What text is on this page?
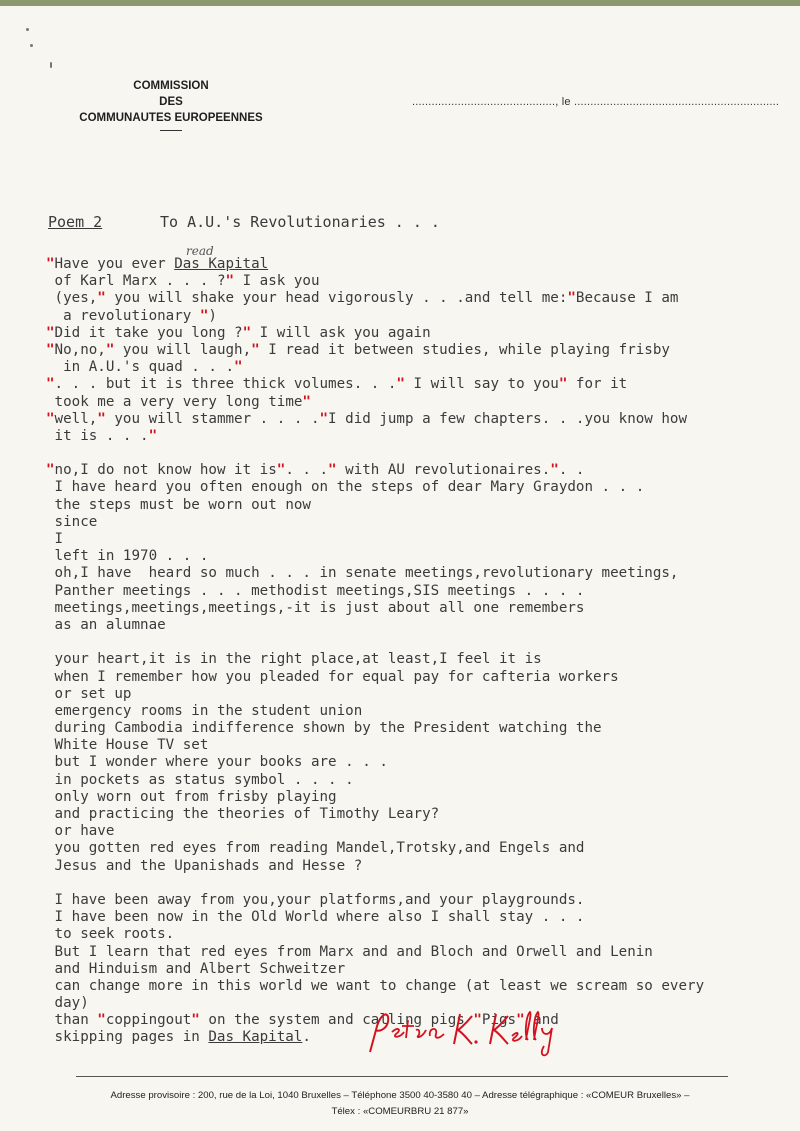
COMMISSION
DES
COMMUNAUTES EUROPEENNES
............................................, le ...............................................................
Poem 2	To A.U.'s Revolutionaries . . .
read
"Have you ever Das Kapital
of Karl Marx . . . ?" I ask you
(yes," you will shake your head vigorously . . .and tell me:"Because I am
a revolutionary ")
"Did it take you long ?" I will ask you again
"No,no," you will laugh," I read it between studies, while playing frisby
in A.U.'s quad . . ."
". . . but it is three thick volumes. . ." I will say to you" for it
took me a very very long time"
"well," you will stammer . . . ."I did jump a few chapters. . .you know how
it is . . ."
"no,I do not know how it is". . ." with AU revolutionaires.". .
I have heard you often enough on the steps of dear Mary Graydon . . .
the steps must be worn out now
since
I
left in 1970 . . .
oh,I have heard so much . . . in senate meetings,revolutionary meetings,
Panther meetings . . . methodist meetings,SIS meetings . . . .
meetings,meetings,meetings,-it is just about all one remembers
as an alumnae
your heart,it is in the right place,at least,I feel it is
when I remember how you pleaded for equal pay for cafteria workers
or set up
emergency rooms in the student union
during Cambodia indifference shown by the President watching the
White House TV set
but I wonder where your books are . . .
in pockets as status symbol . . . .
only worn out from frisby playing
and practicing the theories of Timothy Leary?
or have
you gotten red eyes from reading Mandel,Trotsky,and Engels and
Jesus and the Upanishads and Hesse ?
I have been away from you,your platforms,and your playgrounds.
I have been now in the Old World where also I shall stay . . .
to seek roots.
But I learn that red eyes from Marx and and Bloch and Orwell and Lenin
and Hinduism and Albert Schweitzer
can change more in this world we want to change (at least we scream so every
day)
than "coppingout" on the system and calling pigs "Pigs" and
skipping pages in Das Kapital.
Adresse provisoire : 200, rue de la Loi, 1040 Bruxelles – Téléphone 3500 40-3580 40 – Adresse télégraphique : «COMEUR Bruxelles» –
Télex : «COMEURBRU 21 877»
